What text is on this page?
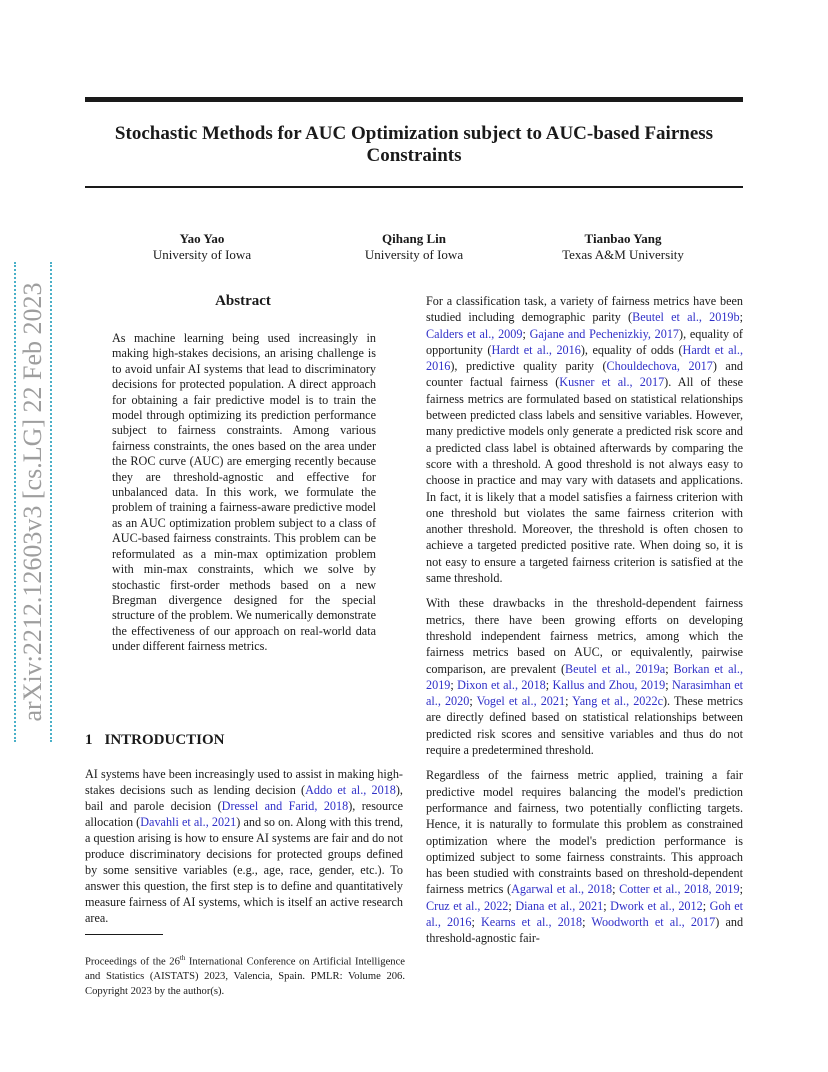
Stochastic Methods for AUC Optimization subject to AUC-based Fairness
Constraints
Yao Yao
University of Iowa
Qihang Lin
University of Iowa
Tianbao Yang
Texas A&M University
arXiv:2212.12603v3 [cs.LG] 22 Feb 2023	Abstract
As machine learning being used increasingly in making high-stakes decisions, an arising challenge is to avoid unfair AI systems that lead to discriminatory decisions for protected population. A direct approach for obtaining a fair predictive model is to train the model through optimizing its prediction performance subject to fairness constraints. Among various fairness constraints, the ones based on the area under the ROC curve (AUC) are emerging recently because they are threshold-agnostic and effective for unbalanced data. In this work, we formulate the problem of training a fairness-aware predictive model as an AUC optimization problem subject to a class of AUC-based fairness constraints. This problem can be reformulated as a min-max optimization problem with min-max constraints, which we solve by stochastic first-order methods based on a new Bregman divergence designed for the special structure of the problem. We numerically demonstrate the effectiveness of our approach on real-world data under different fairness metrics.
1 INTRODUCTION
AI systems have been increasingly used to assist in making high-stakes decisions such as lending decision (Addo et al., 2018), bail and parole decision (Dressel and Farid, 2018), resource allocation (Davahli et al., 2021) and so on. Along with this trend, a question arising is how to ensure AI systems are fair and do not produce discriminatory decisions for protected groups defined by some sensitive variables (e.g., age, race, gender, etc.). To answer this question, the first step is to define and quantitatively measure fairness of AI systems, which is itself an active research area.
Proceedings of the 26th International Conference on Artificial Intelligence and Statistics (AISTATS) 2023, Valencia, Spain. PMLR: Volume 206. Copyright 2023 by the author(s).

For a classification task, a variety of fairness metrics have been studied including demographic parity (Beutel et al., 2019b; Calders et al., 2009; Gajane and Pechenizkiy, 2017), equality of opportunity (Hardt et al., 2016), equality of odds (Hardt et al., 2016), predictive quality parity (Chouldechova, 2017) and counter factual fairness (Kusner et al., 2017). All of these fairness metrics are formulated based on statistical relationships between predicted class labels and sensitive variables. However, many predictive models only generate a predicted risk score and a predicted class label is obtained afterwards by comparing the score with a threshold. A good threshold is not always easy to choose in practice and may vary with datasets and applications. In fact, it is likely that a model satisfies a fairness criterion with one threshold but violates the same fairness criterion with another threshold. Moreover, the threshold is often chosen to achieve a targeted predicted positive rate. When doing so, it is not easy to ensure a targeted fairness criterion is satisfied at the same threshold.

With these drawbacks in the threshold-dependent fairness metrics, there have been growing efforts on developing threshold independent fairness metrics, among which the fairness metrics based on AUC, or equivalently, pairwise comparison, are prevalent (Beutel et al., 2019a; Borkan et al., 2019; Dixon et al., 2018; Kallus and Zhou, 2019; Narasimhan et al., 2020; Vogel et al., 2021; Yang et al., 2022c). These metrics are directly defined based on statistical relationships between predicted risk scores and sensitive variables and thus do not require a predetermined threshold.

Regardless of the fairness metric applied, training a fair predictive model requires balancing the model's prediction performance and fairness, two potentially conflicting targets. Hence, it is naturally to formulate this problem as constrained optimization where the model's prediction performance is optimized subject to some fairness constraints. This approach has been studied with constraints based on threshold-dependent fairness metrics (Agarwal et al., 2018; Cotter et al., 2018, 2019; Cruz et al., 2022; Diana et al., 2021; Dwork et al., 2012; Goh et al., 2016; Kearns et al., 2018; Woodworth et al., 2017) and threshold-agnostic fair-
